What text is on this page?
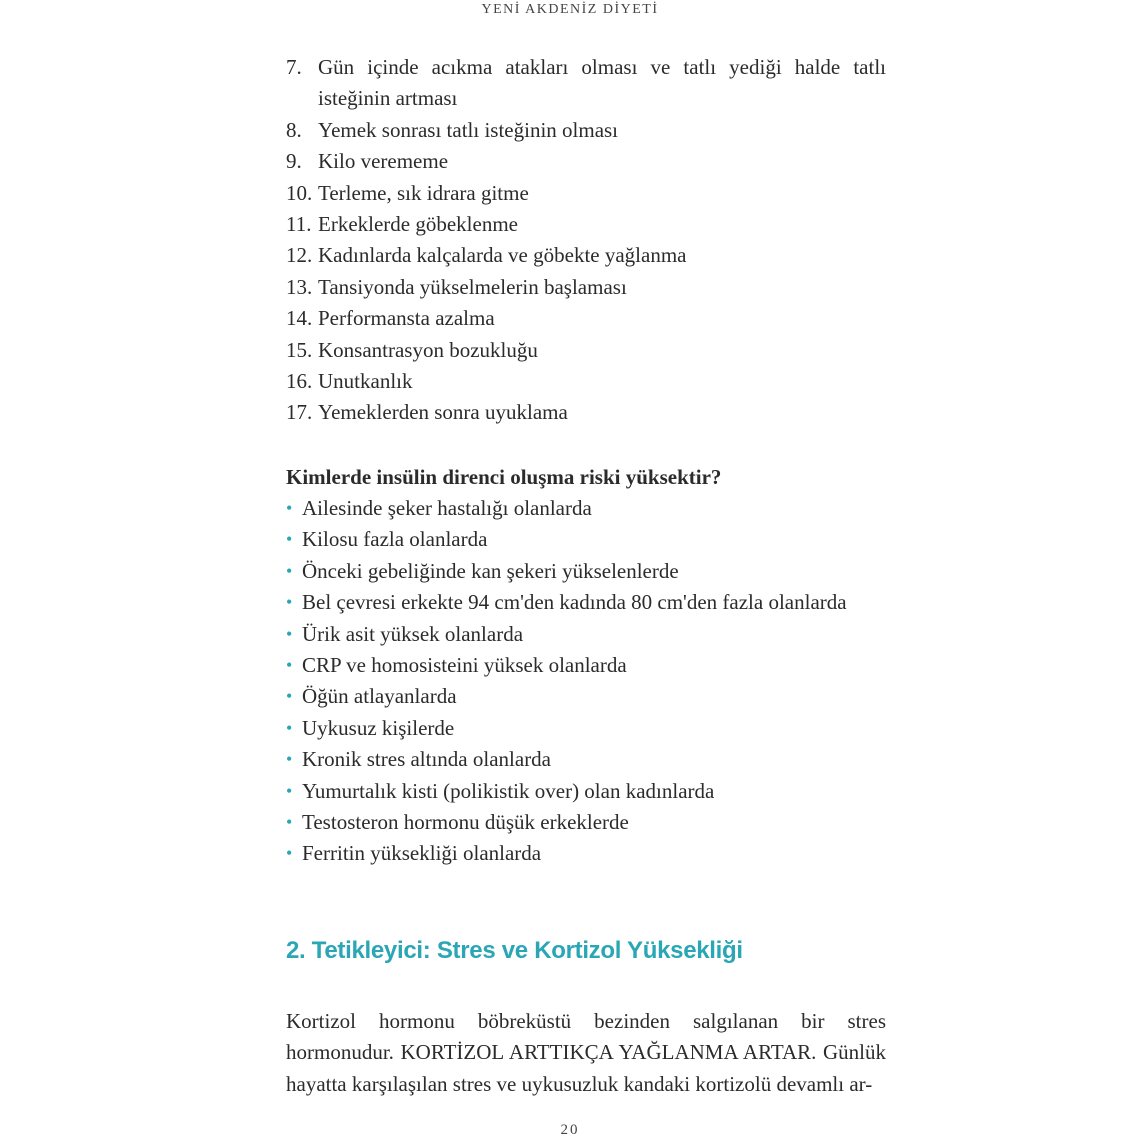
YENİ AKDENİZ DİYETİ
7. Gün içinde acıkma atakları olması ve tatlı yediği halde tatlı isteğinin artması
8. Yemek sonrası tatlı isteğinin olması
9. Kilo verememe
10. Terleme, sık idrara gitme
11. Erkeklerde göbeklenme
12. Kadınlarda kalçalarda ve göbekte yağlanma
13. Tansiyonda yükselmelerin başlaması
14. Performansta azalma
15. Konsantrasyon bozukluğu
16. Unutkanlık
17. Yemeklerden sonra uyuklama
Kimlerde insülin direnci oluşma riski yüksektir?
• Ailesinde şeker hastalığı olanlarda
• Kilosu fazla olanlarda
• Önceki gebeliğinde kan şekeri yükselenlerde
• Bel çevresi erkekte 94 cm'den kadında 80 cm'den fazla olanlarda
• Ürik asit yüksek olanlarda
• CRP ve homosisteini yüksek olanlarda
• Öğün atlayanlarda
• Uykusuz kişilerde
• Kronik stres altında olanlarda
• Yumurtalık kisti (polikistik over) olan kadınlarda
• Testosteron hormonu düşük erkeklerde
• Ferritin yüksekliği olanlarda
2. Tetikleyici: Stres ve Kortizol Yüksekliği

Kortizol hormonu böbreküstü bezinden salgılanan bir stres hormonudur. KORTİZOL ARTTIKÇA YAĞLANMA ARTAR. Günlük hayatta karşılaşılan stres ve uykusuzluk kandaki kortizolü devamlı ar-

20
